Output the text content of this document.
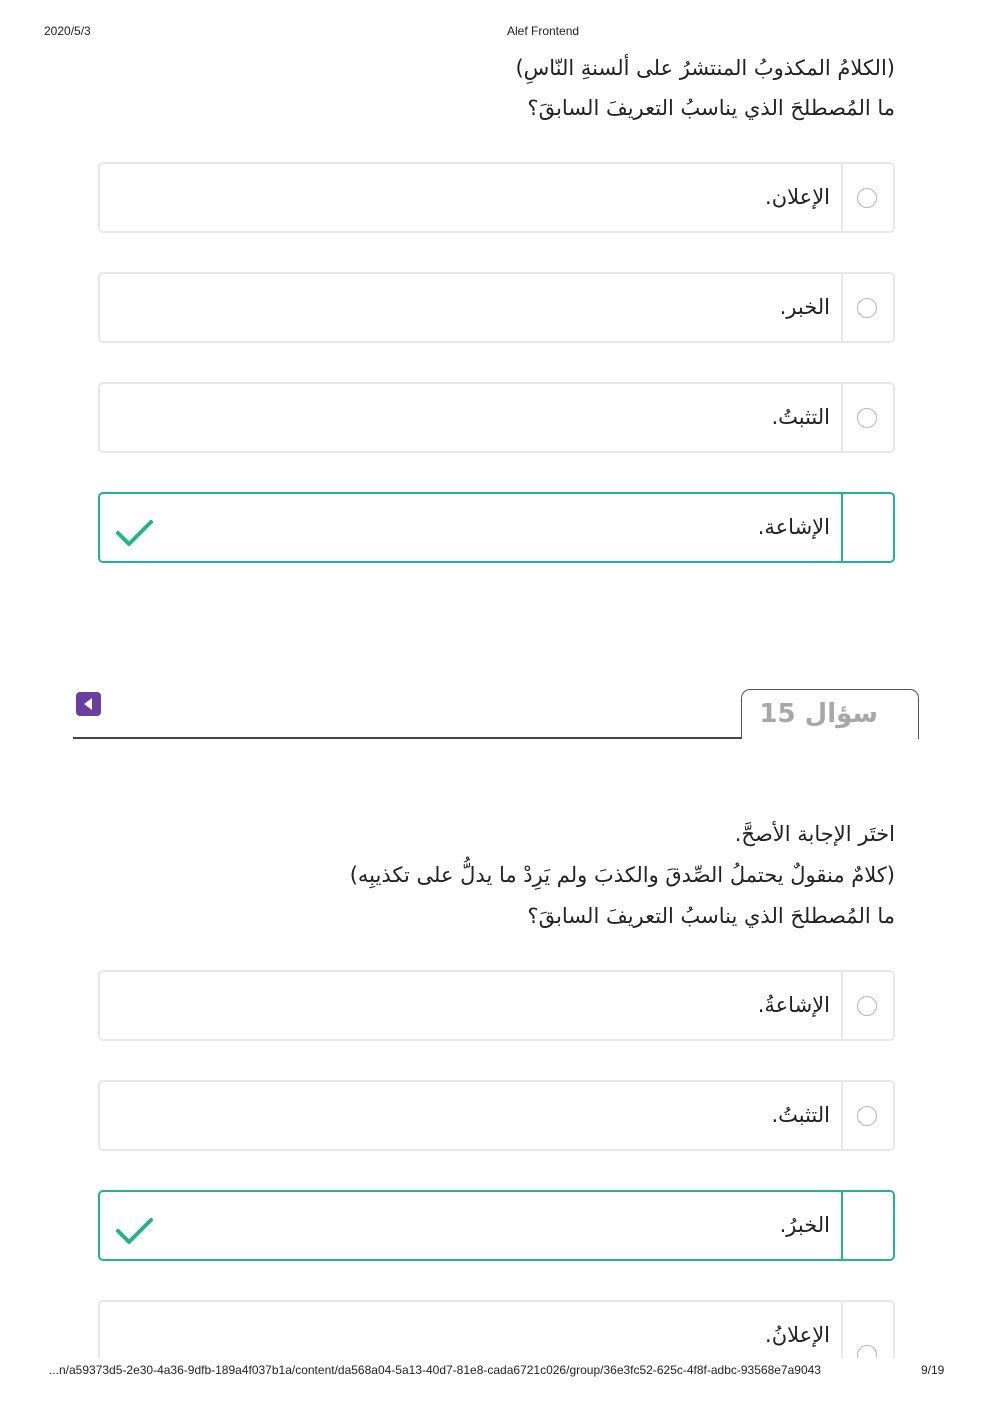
2020/5/3	Alef Frontend
(الكلامُ المكذوبُ المنتشرُ على ألسنةِ النّاسِ)
ما المُصطلحَ الذي يناسبُ التعريفَ السابقَ؟
الإعلان.
الخبر.
التثبتُ.
الإشاعة.
سؤال 15
اختَر الإجابة الأصحَّ.
(كلامٌ منقولٌ يحتملُ الصِّدقَ والكذبَ ولم يَرِدْ ما يدلُّ على تكذيبِه)
ما المُصطلحَ الذي يناسبُ التعريفَ السابقَ؟
الإشاعةُ.
التثبتُ.
الخبرُ.
الإعلانُ.
...n/a59373d5-2e30-4a36-9dfb-189a4f037b1a/content/da568a04-5a13-40d7-81e8-cada6721c026/group/36e3fc52-625c-4f8f-adbc-93568e7a9043	9/19
